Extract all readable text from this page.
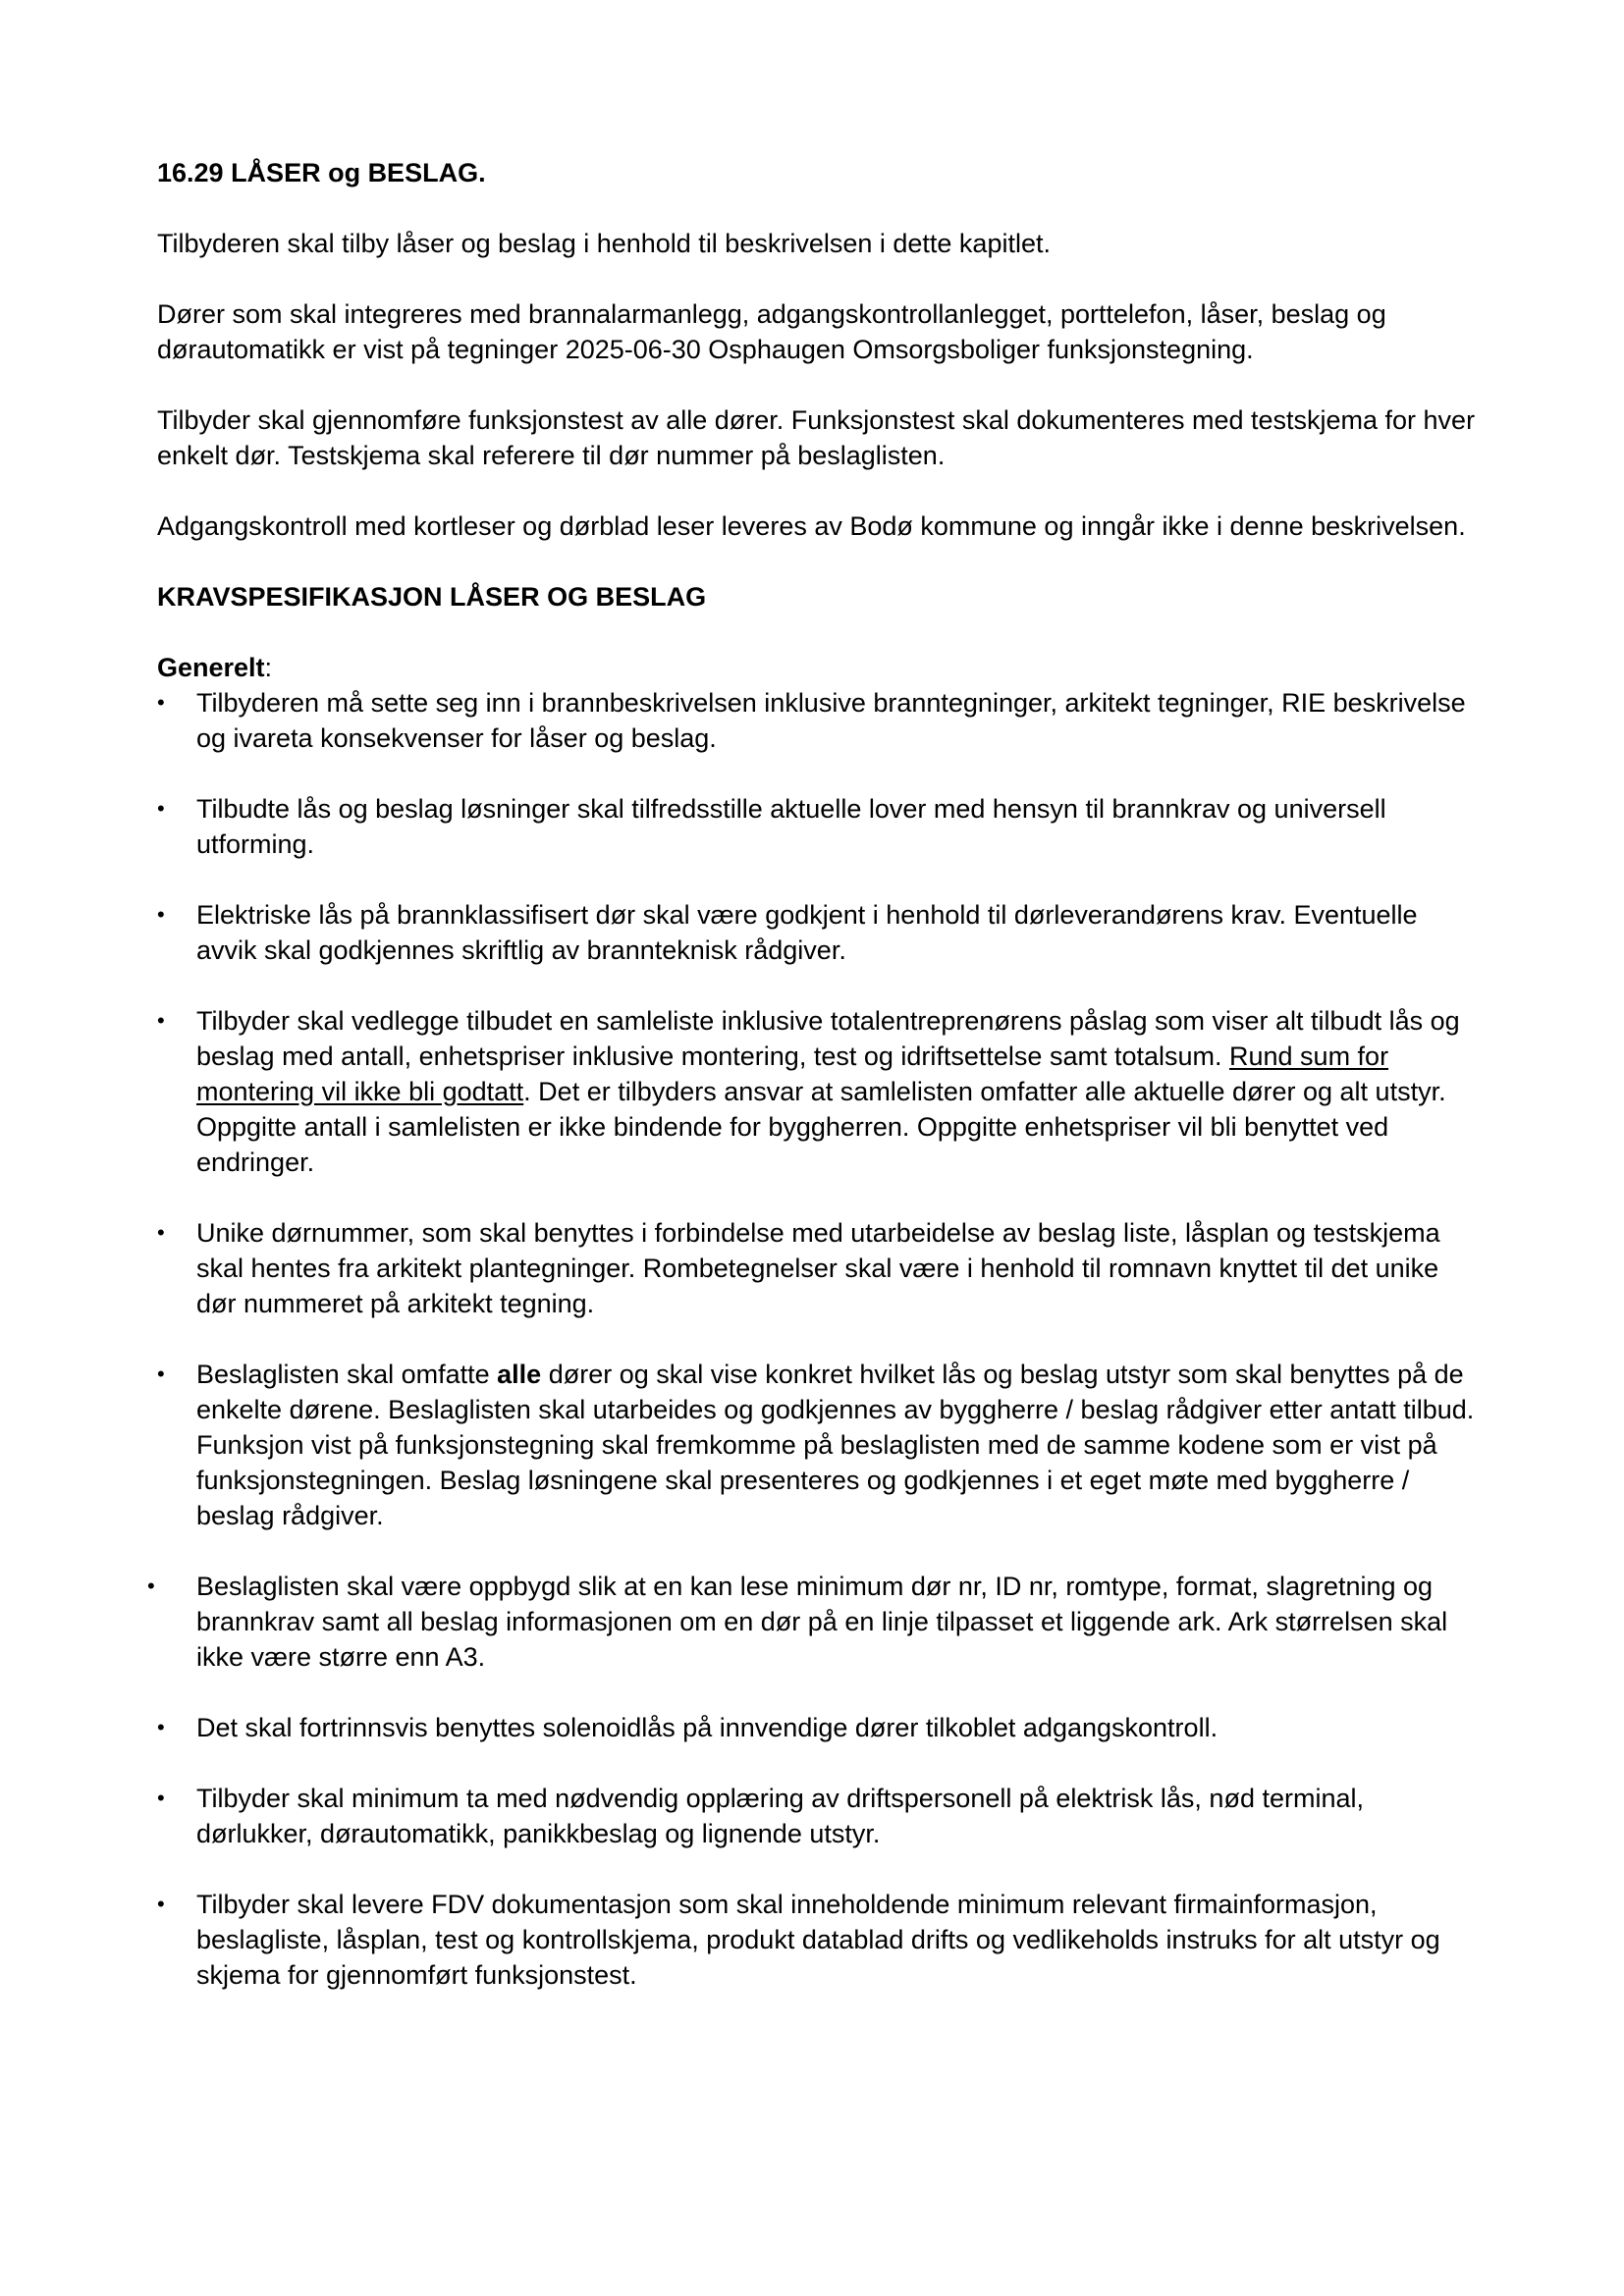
16.29 LÅSER og BESLAG.

Tilbyderen skal tilby låser og beslag i henhold til beskrivelsen i dette kapitlet.

Dører som skal integreres med brannalarmanlegg, adgangskontrollanlegget, porttelefon, låser, beslag og dørautomatikk er vist på tegninger 2025-06-30 Osphaugen Omsorgsboliger funksjonstegning.

Tilbyder skal gjennomføre funksjonstest av alle dører. Funksjonstest skal dokumenteres med testskjema for hver enkelt dør. Testskjema skal referere til dør nummer på beslaglisten.

Adgangskontroll med kortleser og dørblad leser leveres av Bodø kommune og inngår ikke i denne beskrivelsen.

KRAVSPESIFIKASJON LÅSER OG BESLAG
Generelt:
•	Tilbyderen må sette seg inn i brannbeskrivelsen inklusive branntegninger, arkitekt tegninger, RIE beskrivelse og ivareta konsekvenser for låser og beslag.
•	Tilbudte lås og beslag løsninger skal tilfredsstille aktuelle lover med hensyn til brannkrav og universell utforming.
•	Elektriske lås på brannklassifisert dør skal være godkjent i henhold til dørleverandørens krav. Eventuelle avvik skal godkjennes skriftlig av brannteknisk rådgiver.
•	Tilbyder skal vedlegge tilbudet en samleliste inklusive totalentreprenørens påslag som viser alt tilbudt lås og beslag med antall, enhetspriser inklusive montering, test og idriftsettelse samt totalsum. Rund sum for montering vil ikke bli godtatt. Det er tilbyders ansvar at samlelisten omfatter alle aktuelle dører og alt utstyr. Oppgitte antall i samlelisten er ikke bindende for byggherren. Oppgitte enhetspriser vil bli benyttet ved endringer.
•	Unike dørnummer, som skal benyttes i forbindelse med utarbeidelse av beslag liste, låsplan og testskjema skal hentes fra arkitekt plantegninger. Rombetegnelser skal være i henhold til romnavn knyttet til det unike dør nummeret på arkitekt tegning.
•	Beslaglisten skal omfatte alle dører og skal vise konkret hvilket lås og beslag utstyr som skal benyttes på de enkelte dørene. Beslaglisten skal utarbeides og godkjennes av byggherre / beslag rådgiver etter antatt tilbud. Funksjon vist på funksjonstegning skal fremkomme på beslaglisten med de samme kodene som er vist på funksjonstegningen. Beslag løsningene skal presenteres og godkjennes i et eget møte med byggherre / beslag rådgiver.
•	Beslaglisten skal være oppbygd slik at en kan lese minimum dør nr, ID nr, romtype, format, slagretning og brannkrav samt all beslag informasjonen om en dør på en linje tilpasset et liggende ark. Ark størrelsen skal ikke være større enn A3.
•	Det skal fortrinnsvis benyttes solenoidlås på innvendige dører tilkoblet adgangskontroll.
•	Tilbyder skal minimum ta med nødvendig opplæring av driftspersonell på elektrisk lås, nød terminal, dørlukker, dørautomatikk, panikkbeslag og lignende utstyr.
•	Tilbyder skal levere FDV dokumentasjon som skal inneholdende minimum relevant firmainformasjon, beslagliste, låsplan, test og kontrollskjema, produkt datablad drifts og vedlikeholds instruks for alt utstyr og skjema for gjennomført funksjonstest.
